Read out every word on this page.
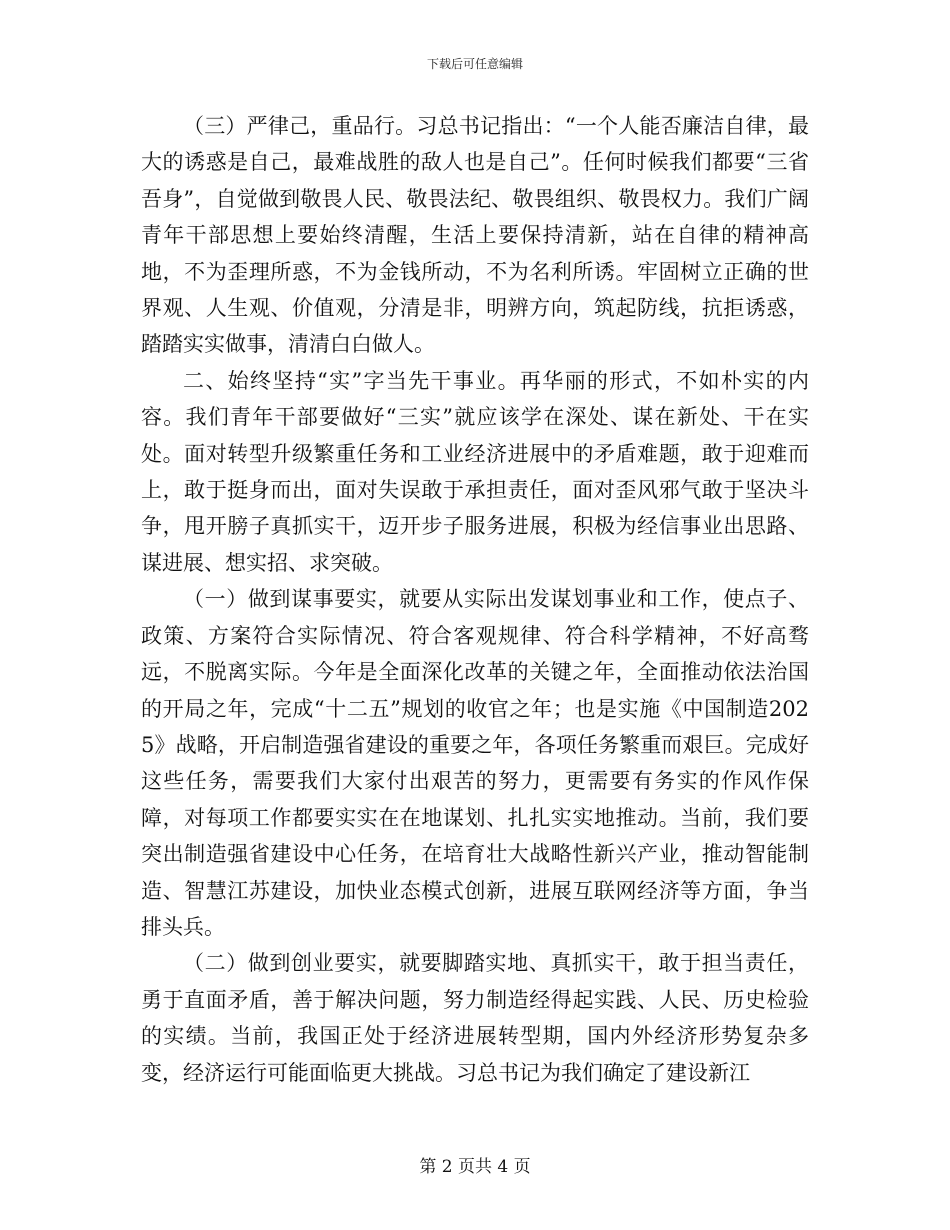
下载后可任意编辑

（三）严律己，重品行。习总书记指出：“一个人能否廉洁自律，最大的诱惑是自己，最难战胜的敌人也是自己”。任何时候我们都要“三省吾身”，自觉做到敬畏人民、敬畏法纪、敬畏组织、敬畏权力。我们广阔青年干部思想上要始终清醒，生活上要保持清新，站在自律的精神高地，不为歪理所惑，不为金钱所动，不为名利所诱。牢固树立正确的世界观、人生观、价值观，分清是非，明辨方向，筑起防线，抗拒诱惑，踏踏实实做事，清清白白做人。

二、始终坚持“实”字当先干事业。再华丽的形式，不如朴实的内容。我们青年干部要做好“三实”就应该学在深处、谋在新处、干在实处。面对转型升级繁重任务和工业经济进展中的矛盾难题，敢于迎难而上，敢于挺身而出，面对失误敢于承担责任，面对歪风邪气敢于坚决斗争，甩开膀子真抓实干，迈开步子服务进展，积极为经信事业出思路、谋进展、想实招、求突破。

（一）做到谋事要实，就要从实际出发谋划事业和工作，使点子、政策、方案符合实际情况、符合客观规律、符合科学精神，不好高骛远，不脱离实际。今年是全面深化改革的关键之年，全面推动依法治国的开局之年，完成“十二五”规划的收官之年；也是实施《中国制造2025》战略，开启制造强省建设的重要之年，各项任务繁重而艰巨。完成好这些任务，需要我们大家付出艰苦的努力，更需要有务实的作风作保障，对每项工作都要实实在在地谋划、扎扎实实地推动。当前，我们要突出制造强省建设中心任务，在培育壮大战略性新兴产业，推动智能制造、智慧江苏建设，加快业态模式创新，进展互联网经济等方面，争当排头兵。

（二）做到创业要实，就要脚踏实地、真抓实干，敢于担当责任，勇于直面矛盾，善于解决问题，努力制造经得起实践、人民、历史检验的实绩。当前，我国正处于经济进展转型期，国内外经济形势复杂多变，经济运行可能面临更大挑战。习总书记为我们确定了建设新江

第 2 页共 4 页
